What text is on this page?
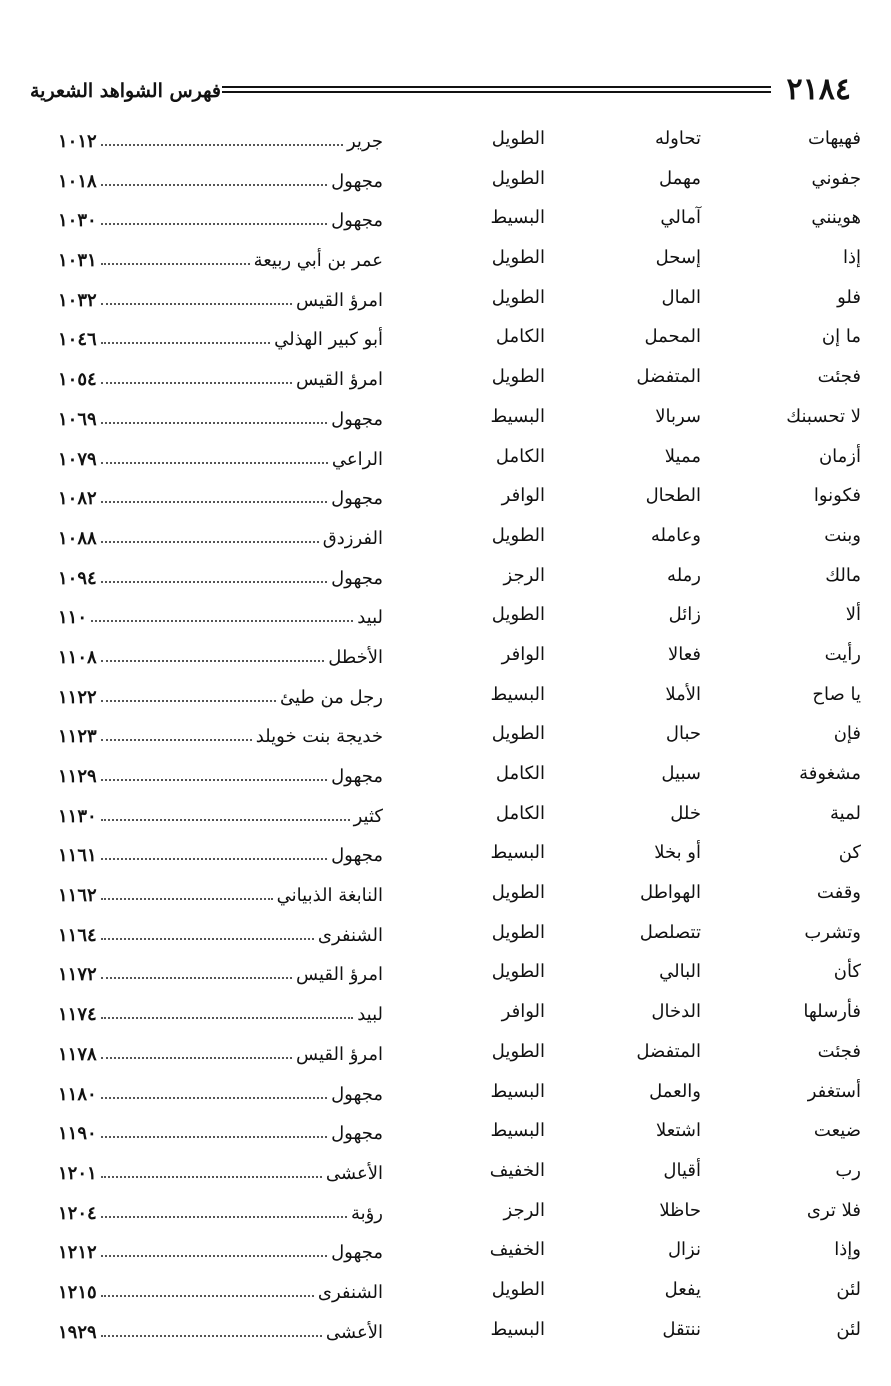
٢١٨٤
فهرس الشواهد الشعرية
فهيهات
تحاوله
الطويل
جرير
١٠١٢
جفوني
مهمل
الطويل
مجهول
١٠١٨
هوينني
آمالي
البسيط
مجهول
١٠٣٠
إذا
إسحل
الطويل
عمر بن أبي ربيعة
١٠٣١
فلو
المال
الطويل
امرؤ القيس
١٠٣٢
ما إن
المحمل
الكامل
أبو كبير الهذلي
١٠٤٦
فجئت
المتفضل
الطويل
امرؤ القيس
١٠٥٤
لا تحسبنك
سربالا
البسيط
مجهول
١٠٦٩
أزمان
مميلا
الكامل
الراعي
١٠٧٩
فكونوا
الطحال
الوافر
مجهول
١٠٨٢
وبنت
وعامله
الطويل
الفرزدق
١٠٨٨
مالك
رمله
الرجز
مجهول
١٠٩٤
ألا
زائل
الطويل
لبيد
١١٠
رأيت
فعالا
الوافر
الأخطل
١١٠٨
يا صاح
الأملا
البسيط
رجل من طيئ
١١٢٢
فإن
حبال
الطويل
خديجة بنت خويلد
١١٢٣
مشغوفة
سبيل
الكامل
مجهول
١١٢٩
لمية
خلل
الكامل
كثير
١١٣٠
كن
أو بخلا
البسيط
مجهول
١١٦١
وقفت
الهواطل
الطويل
النابغة الذبياني
١١٦٢
وتشرب
تتصلصل
الطويل
الشنفرى
١١٦٤
كأن
البالي
الطويل
امرؤ القيس
١١٧٢
فأرسلها
الدخال
الوافر
لبيد
١١٧٤
فجئت
المتفضل
الطويل
امرؤ القيس
١١٧٨
أستغفر
والعمل
البسيط
مجهول
١١٨٠
ضيعت
اشتعلا
البسيط
مجهول
١١٩٠
رب
أقيال
الخفيف
الأعشى
١٢٠١
فلا ترى
حاظلا
الرجز
رؤبة
١٢٠٤
وإذا
نزال
الخفيف
مجهول
١٢١٢
لئن
يفعل
الطويل
الشنفرى
١٢١٥
لئن
ننتقل
البسيط
الأعشى
١٩٢٩
